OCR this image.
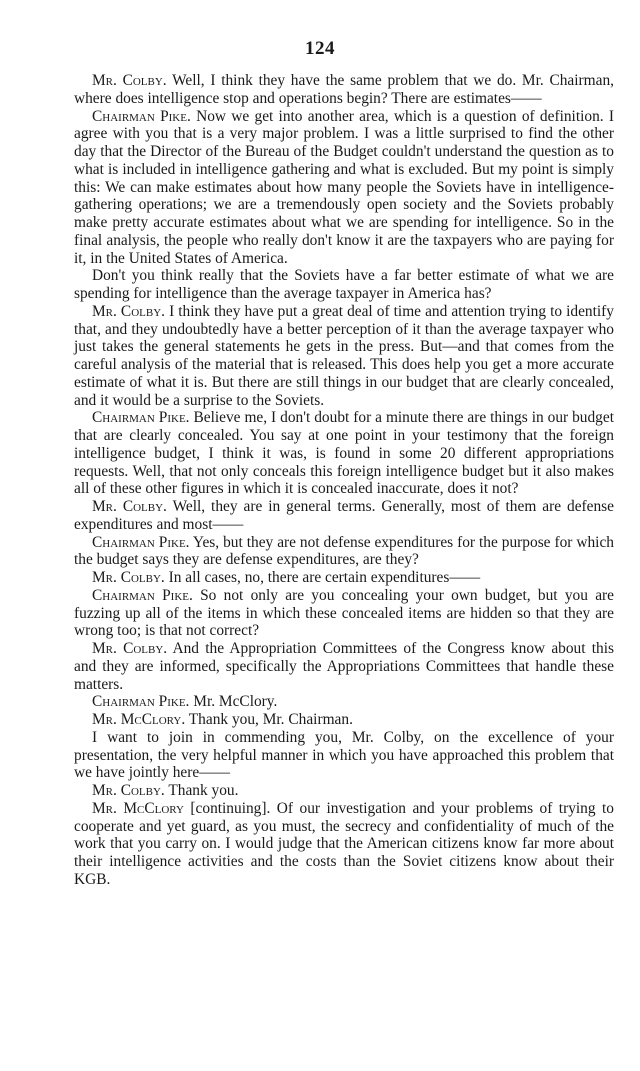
124

Mr. Colby. Well, I think they have the same problem that we do. Mr. Chairman, where does intelligence stop and operations begin? There are estimates——

Chairman Pike. Now we get into another area, which is a question of definition. I agree with you that is a very major problem. I was a little surprised to find the other day that the Director of the Bureau of the Budget couldn't understand the question as to what is included in intelligence gathering and what is excluded. But my point is simply this: We can make estimates about how many people the Soviets have in intelligence-gathering operations; we are a tremendously open society and the Soviets probably make pretty accurate estimates about what we are spending for intelligence. So in the final analysis, the people who really don't know it are the taxpayers who are paying for it, in the United States of America.

Don't you think really that the Soviets have a far better estimate of what we are spending for intelligence than the average taxpayer in America has?

Mr. Colby. I think they have put a great deal of time and attention trying to identify that, and they undoubtedly have a better perception of it than the average taxpayer who just takes the general statements he gets in the press. But—and that comes from the careful analysis of the material that is released. This does help you get a more accurate estimate of what it is. But there are still things in our budget that are clearly concealed, and it would be a surprise to the Soviets.

Chairman Pike. Believe me, I don't doubt for a minute there are things in our budget that are clearly concealed. You say at one point in your testimony that the foreign intelligence budget, I think it was, is found in some 20 different appropriations requests. Well, that not only conceals this foreign intelligence budget but it also makes all of these other figures in which it is concealed inaccurate, does it not?

Mr. Colby. Well, they are in general terms. Generally, most of them are defense expenditures and most——

Chairman Pike. Yes, but they are not defense expenditures for the purpose for which the budget says they are defense expenditures, are they?

Mr. Colby. In all cases, no, there are certain expenditures——

Chairman Pike. So not only are you concealing your own budget, but you are fuzzing up all of the items in which these concealed items are hidden so that they are wrong too; is that not correct?

Mr. Colby. And the Appropriation Committees of the Congress know about this and they are informed, specifically the Appropriations Committees that handle these matters.

Chairman Pike. Mr. McClory.

Mr. McClory. Thank you, Mr. Chairman.

I want to join in commending you, Mr. Colby, on the excellence of your presentation, the very helpful manner in which you have approached this problem that we have jointly here——

Mr. Colby. Thank you.

Mr. McClory [continuing]. Of our investigation and your problems of trying to cooperate and yet guard, as you must, the secrecy and confidentiality of much of the work that you carry on. I would judge that the American citizens know far more about their intelligence activities and the costs than the Soviet citizens know about their KGB.
